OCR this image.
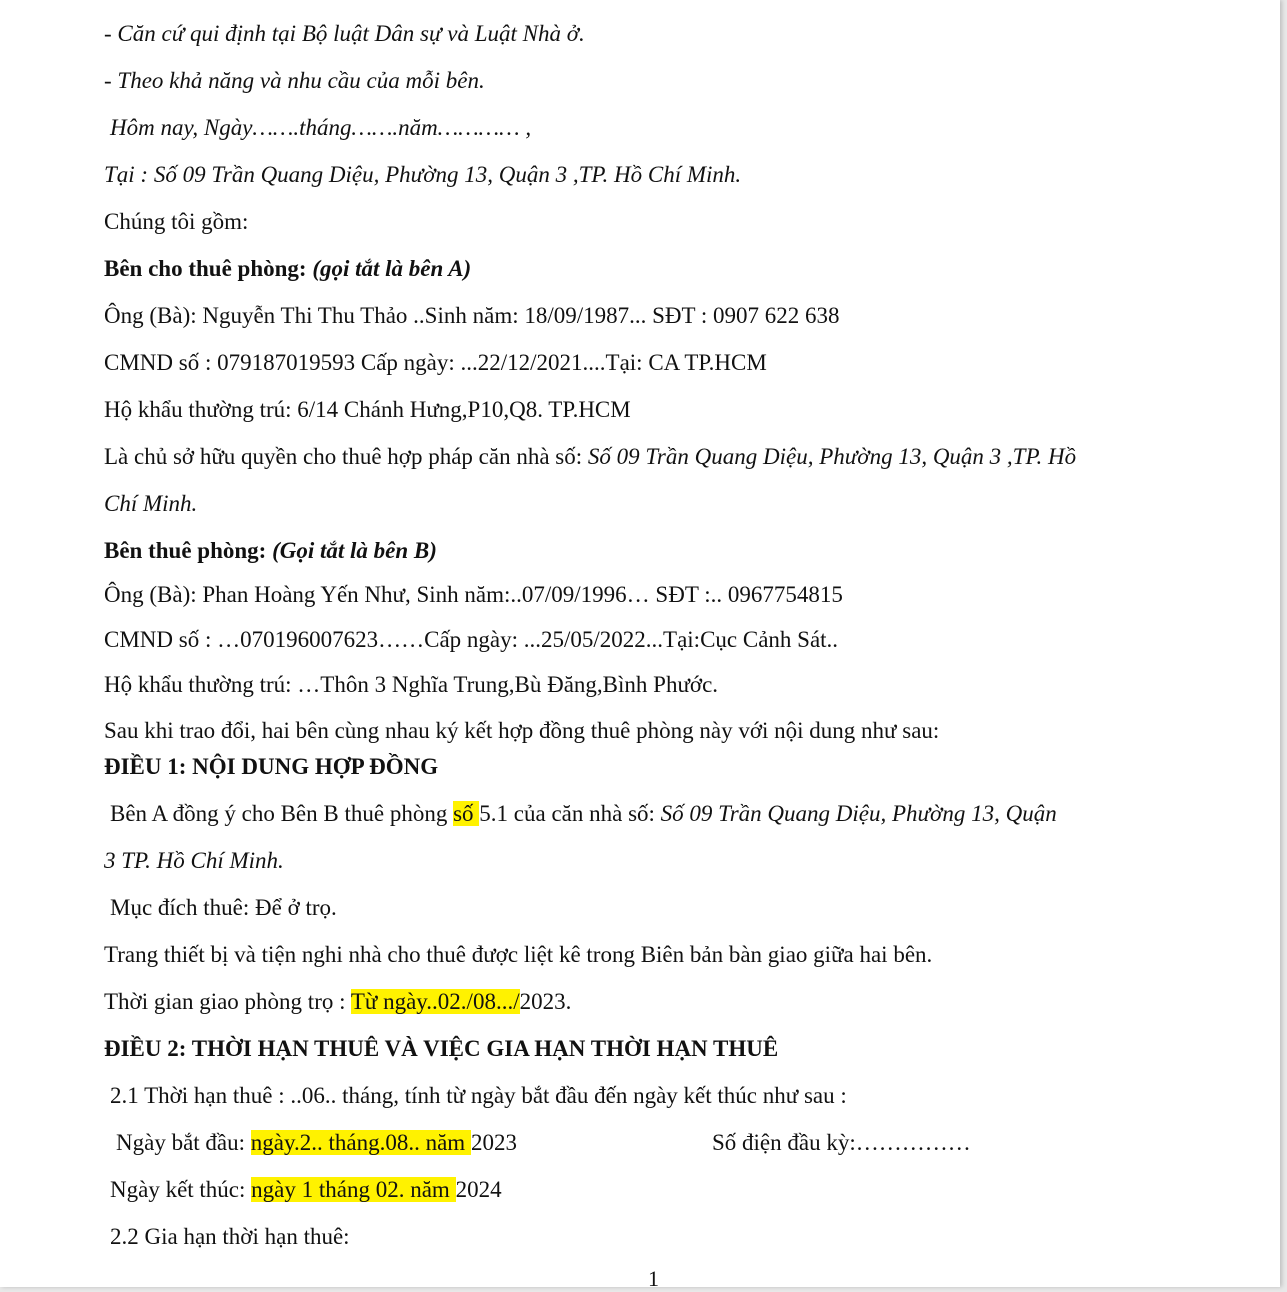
- Căn cứ qui định tại Bộ luật Dân sự và Luật Nhà ở.
- Theo khả năng và nhu cầu của mỗi bên.
Hôm nay, Ngày…….tháng…….năm………… ,
Tại : Số 09 Trần Quang Diệu, Phường 13, Quận 3 ,TP. Hồ Chí Minh.
Chúng tôi gồm:
Bên cho thuê phòng: (gọi tắt là bên A)
Ông (Bà): Nguyễn Thi Thu Thảo ..Sinh năm: 18/09/1987... SĐT : 0907 622 638
CMND số : 079187019593 Cấp ngày: ...22/12/2021....Tại: CA TP.HCM
Hộ khẩu thường trú: 6/14 Chánh Hưng,P10,Q8. TP.HCM
Là chủ sở hữu quyền cho thuê hợp pháp căn nhà số: Số 09 Trần Quang Diệu, Phường 13, Quận 3 ,TP. Hồ
Chí Minh.
Bên thuê phòng: (Gọi tắt là bên B)
Ông (Bà): Phan Hoàng Yến Như, Sinh năm:..07/09/1996… SĐT :.. 0967754815
CMND số : …070196007623……Cấp ngày: ...25/05/2022...Tại:Cục Cảnh Sát..
Hộ khẩu thường trú: …Thôn 3 Nghĩa Trung,Bù Đăng,Bình Phước.
Sau khi trao đổi, hai bên cùng nhau ký kết hợp đồng thuê phòng này với nội dung như sau:
ĐIỀU 1: NỘI DUNG HỢP ĐỒNG
Bên A đồng ý cho Bên B thuê phòng số 5.1 của căn nhà số: Số 09 Trần Quang Diệu, Phường 13, Quận
3 TP. Hồ Chí Minh.
Mục đích thuê: Để ở trọ.
Trang thiết bị và tiện nghi nhà cho thuê được liệt kê trong Biên bản bàn giao giữa hai bên.
Thời gian giao phòng trọ : Từ ngày..02./08.../2023.
ĐIỀU 2: THỜI HẠN THUÊ VÀ VIỆC GIA HẠN THỜI HẠN THUÊ
2.1 Thời hạn thuê : ..06.. tháng, tính từ ngày bắt đầu đến ngày kết thúc như sau :
Ngày bắt đầu: ngày.2.. tháng.08.. năm 2023	Số điện đầu kỳ:……………
Ngày kết thúc: ngày 1 tháng 02. năm 2024
2.2 Gia hạn thời hạn thuê:
1
